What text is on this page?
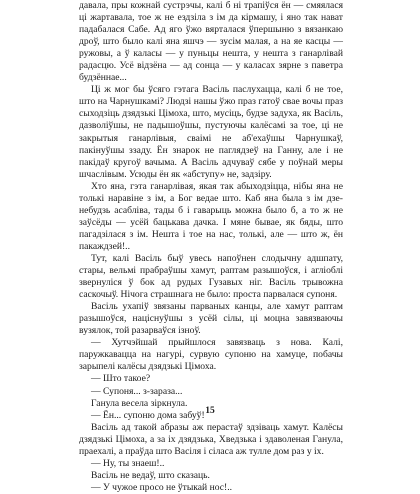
давала, пры кожнай сустрэчы, калі б ні трапіўся ён — смяялася ці жартавала, тое ж не ездзіла з ім да кірмашу, і яно так нават падабалася Сабе. Ад яго ўжо вярталася ўпершыню з вязанкаю дроў, што было калі яна яшчэ — зусім малая, а на яе касцы — ружовы, а ў каласы — у пуньцы нешта, у нешта з ганарлівай радасцю. Усё відзёна — ад сонца — у каласах зярне з паветра будзённае...

Ці ж мог бы ўсяго гэтага Васіль паслухацца, калі б не тое, што на Чарнушкамі? Людзі нашы ўжо праз гатоў свае вочы праз сыходзіць дзядзькі Цімоха, што, мусіць, будзе задуха, як Васіль, дазволіўшы, не падышоўшы, пустуючы калёсамі за тое, ці не закрытыя ганарлівыя, сваімі не аб'ехаўшы Чарнушкаў, пакінуўшы ззаду. Ён знарок не паглядзеў на Ганну, але і не пакідаў кругоў вачыма. А Васіль адчуваў сябе у поўнай меры шчаслівым. Усюды ён як «абступу» не, задзіру.

Хто яна, гэта ганарлівая, якая так абыходзіцца, нібы яна не толькі наравіне з ім, а Бог ведае што. Каб яна была з ім дзе-небудзь асабліва, тады б і гаварыць можна было б, а то ж не заўсёды — усёй бацькава дачка. І мяне бывае, як бяды, што пагадзілася з ім. Нешта і тое на нас, толькі, але — што ж, ён пакаждзей!..

Тут, калі Васіль быў увесь напоўнен слодычну адшпату, стары, вельмі прабраўшы хамут, раптам разышоўся, і агліоблі звернуліся ў бок ад рудых Гузавых ніг. Васіль трывожна саскочыў. Нічога страшнага не было: проста парвалася супоня.

Васіль ухапіў звязаны парваных канцы, але хамут раптам разышоўся, націснуўшы з усёй сілы, ці моцна завязваючы вузялок, той разарваўся ізноў.

— Хутчэйшай прыйшлося завязваць з нова. Калі, паружкавацца на нагурі, сурвую супоню на хамуце, побачы зарыпелі калёсы дзядзькі Цімоха.

— Што такое?

— Супоня... з-зараза...

Ганула весела зіркнула.

— Ён... супоню дома забуў!

Васіль ад такой абразы аж перастаў здзіваць хамут. Калёсы дзядзькі Цімоха, а за іх дзядзька, Хведзька і здаволеная Ганула, праехалі, а праўда што Васіля і сіласа аж тулле дом раз у іх.

— Ну, ты знаеш!..

Васіль не ведаў, што сказаць.

— У чужое просо не ўтыкай нос!..

15
